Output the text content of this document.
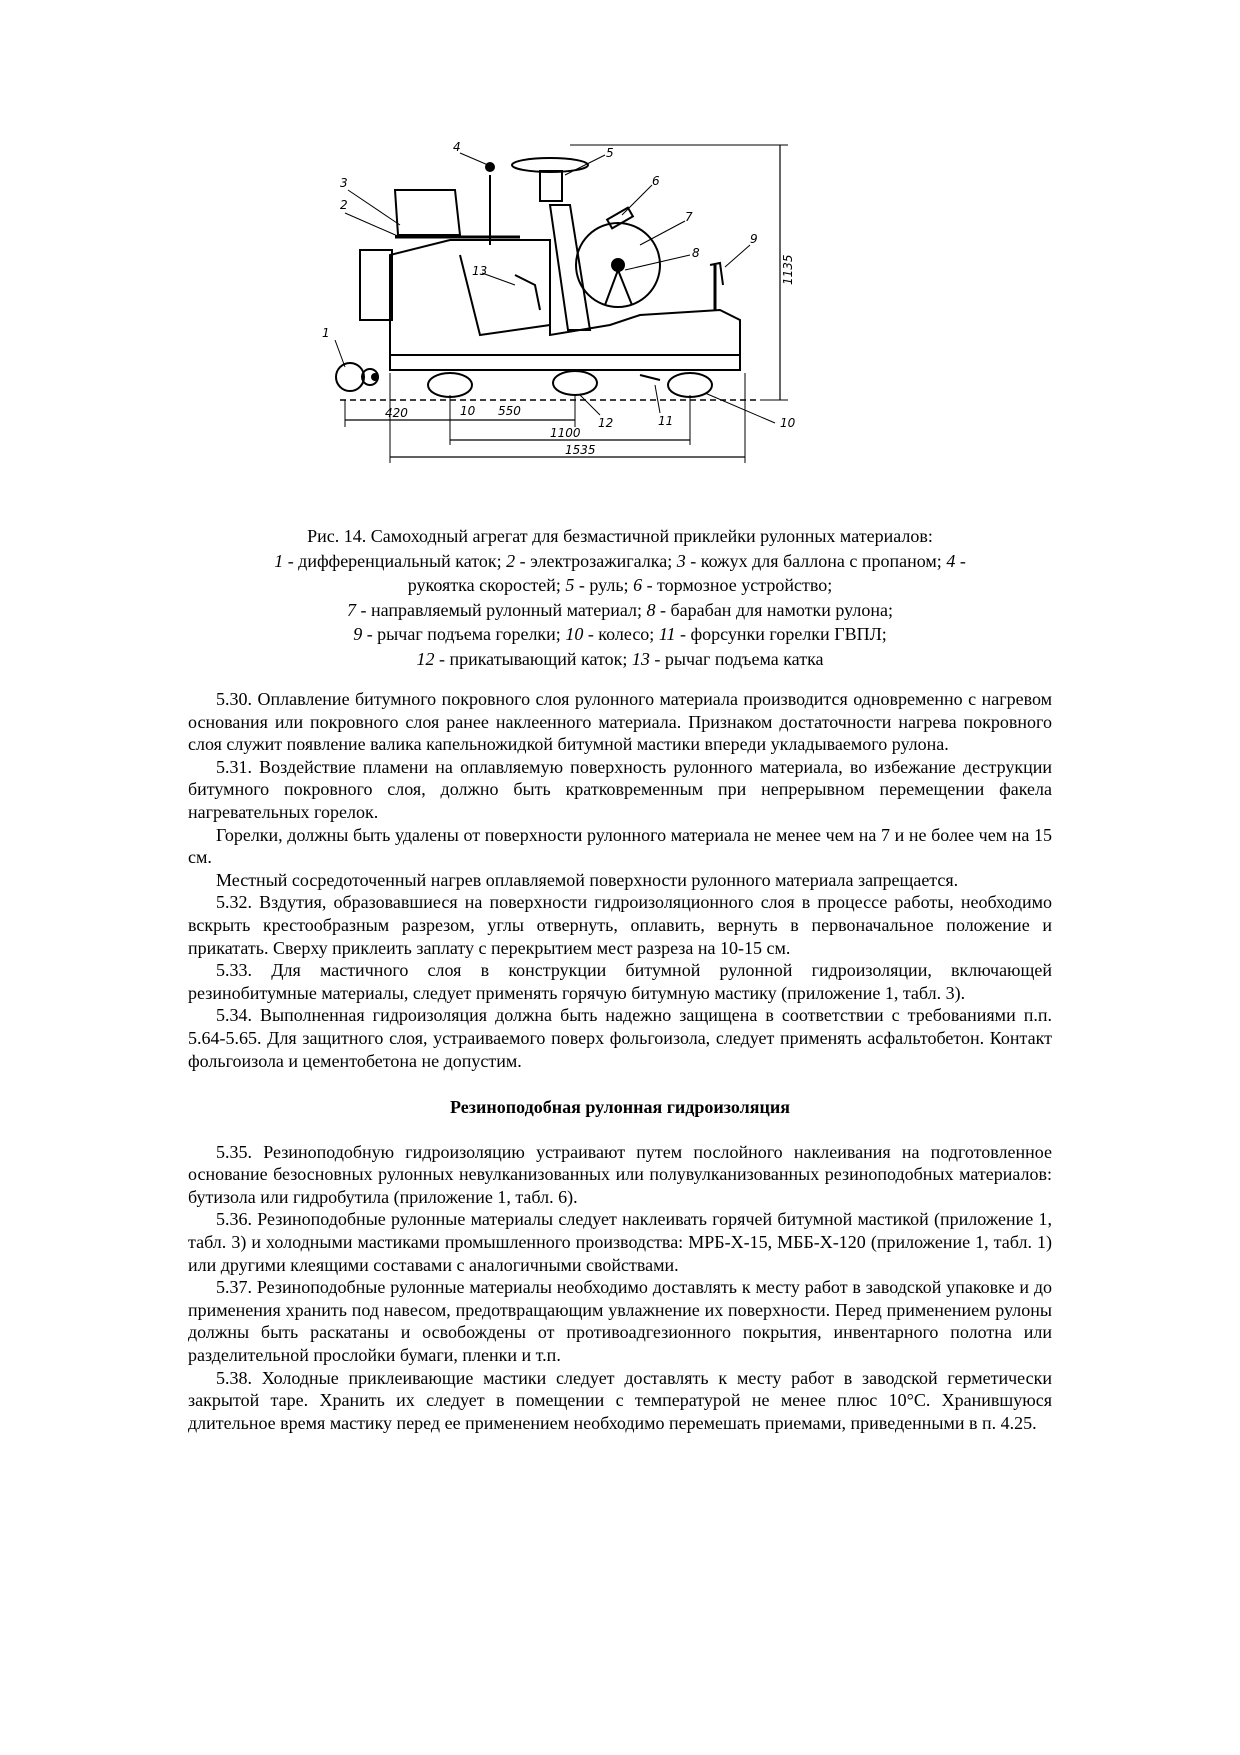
3
2
4	5
6
7
8
9
13
1
10
11
12
10
420	550
1100
1535
1135
Рис. 14. Самоходный агрегат для безмастичной приклейки рулонных материалов:
1 - дифференциальный каток; 2 - электрозажигалка; 3 - кожух для баллона с пропаном; 4 -
рукоятка скоростей; 5 - руль; 6 - тормозное устройство;
7 - направляемый рулонный материал; 8 - барабан для намотки рулона;
9 - рычаг подъема горелки; 10 - колесо; 11 - форсунки горелки ГВПЛ;
12 - прикатывающий каток; 13 - рычаг подъема катка

5.30. Оплавление битумного покровного слоя рулонного материала производится одновременно с нагревом основания или покровного слоя ранее наклеенного материала. Признаком достаточности нагрева покровного слоя служит появление валика капельножидкой битумной мастики впереди укладываемого рулона.

5.31. Воздействие пламени на оплавляемую поверхность рулонного материала, во избежание деструкции битумного покровного слоя, должно быть кратковременным при непрерывном перемещении факела нагревательных горелок.

Горелки, должны быть удалены от поверхности рулонного материала не менее чем на 7 и не более чем на 15 см.

Местный сосредоточенный нагрев оплавляемой поверхности рулонного материала запрещается.

5.32. Вздутия, образовавшиеся на поверхности гидроизоляционного слоя в процессе работы, необходимо вскрыть крестообразным разрезом, углы отвернуть, оплавить, вернуть в первоначальное положение и прикатать. Сверху приклеить заплату с перекрытием мест разреза на 10-15 см.

5.33. Для мастичного слоя в конструкции битумной рулонной гидроизоляции, включающей резинобитумные материалы, следует применять горячую битумную мастику (приложение 1, табл. 3).

5.34. Выполненная гидроизоляция должна быть надежно защищена в соответствии с требованиями п.п. 5.64-5.65. Для защитного слоя, устраиваемого поверх фольгоизола, следует применять асфальтобетон. Контакт фольгоизола и цементобетона не допустим.

Резиноподобная рулонная гидроизоляция

5.35. Резиноподобную гидроизоляцию устраивают путем послойного наклеивания на подготовленное основание безосновных рулонных невулканизованных или полувулканизованных резиноподобных материалов: бутизола или гидробутила (приложение 1, табл. 6).

5.36. Резиноподобные рулонные материалы следует наклеивать горячей битумной мастикой (приложение 1, табл. 3) и холодными мастиками промышленного производства: МРБ-Х-15, МББ-Х-120 (приложение 1, табл. 1) или другими клеящими составами с аналогичными свойствами.

5.37. Резиноподобные рулонные материалы необходимо доставлять к месту работ в заводской упаковке и до применения хранить под навесом, предотвращающим увлажнение их поверхности. Перед применением рулоны должны быть раскатаны и освобождены от противоадгезионного покрытия, инвентарного полотна или разделительной прослойки бумаги, пленки и т.п.

5.38. Холодные приклеивающие мастики следует доставлять к месту работ в заводской герметически закрытой таре. Хранить их следует в помещении с температурой не менее плюс 10°С. Хранившуюся длительное время мастику перед ее применением необходимо перемешать приемами, приведенными в п. 4.25.
